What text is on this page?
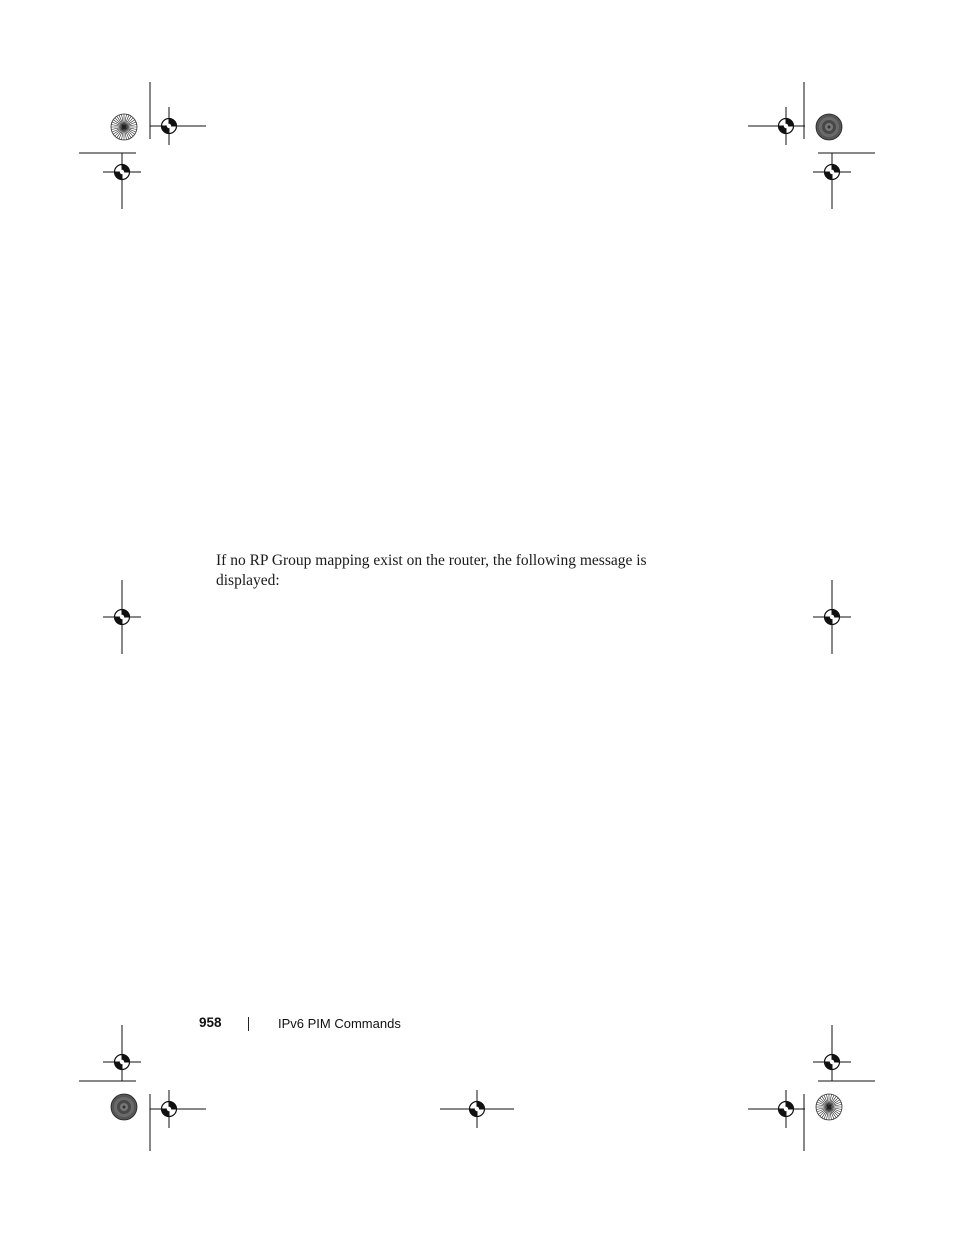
If no RP Group mapping exist on the router, the following message is displayed:

958	IPv6 PIM Commands
